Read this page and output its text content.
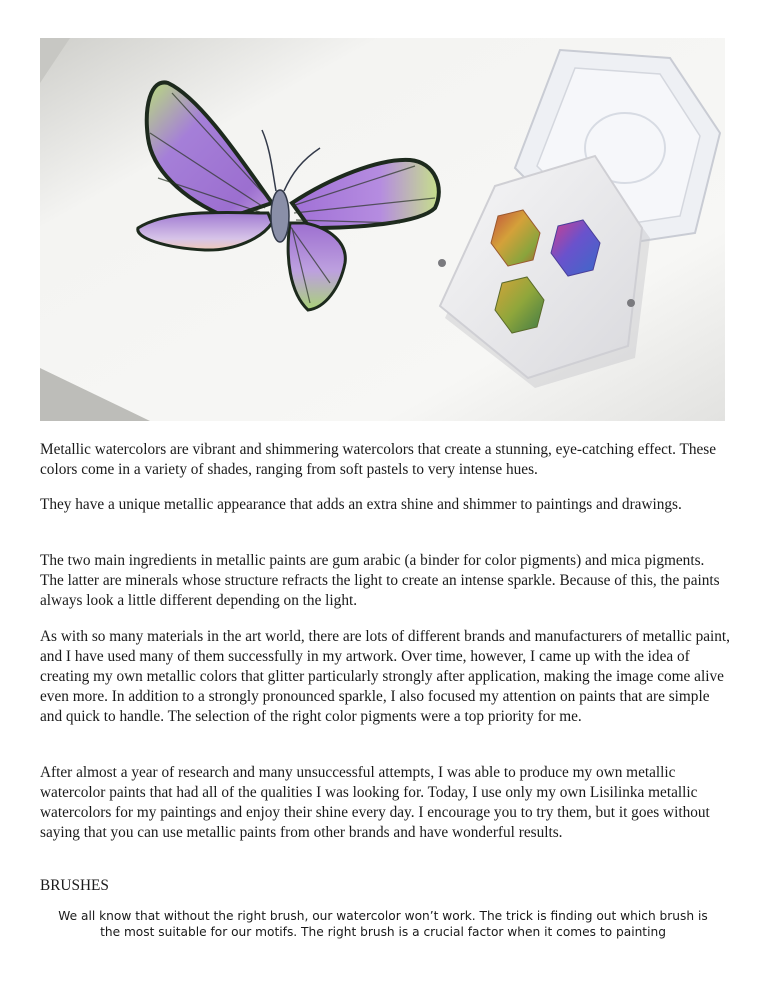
Metallic watercolors are vibrant and shimmering watercolors that create a stunning, eye-catching effect. These colors come in a variety of shades, ranging from soft pastels to very intense hues.

They have a unique metallic appearance that adds an extra shine and shimmer to paintings and drawings.

The two main ingredients in metallic paints are gum arabic (a binder for color pigments) and mica pigments. The latter are minerals whose structure refracts the light to create an intense sparkle. Because of this, the paints always look a little different depending on the light.

As with so many materials in the art world, there are lots of different brands and manufacturers of metallic paint, and I have used many of them successfully in my artwork. Over time, however, I came up with the idea of creating my own metallic colors that glitter particularly strongly after application, making the image come alive even more. In addition to a strongly pronounced sparkle, I also focused my attention on paints that are simple and quick to handle. The selection of the right color pigments were a top priority for me.

After almost a year of research and many unsuccessful attempts, I was able to produce my own metallic watercolor paints that had all of the qualities I was looking for. Today, I use only my own Lisilinka metallic watercolors for my paintings and enjoy their shine every day. I encourage you to try them, but it goes without saying that you can use metallic paints from other brands and have wonderful results.

BRUSHES

We all know that without the right brush, our watercolor won’t work. The trick is finding out which brush is the most suitable for our motifs. The right brush is a crucial factor when it comes to painting
